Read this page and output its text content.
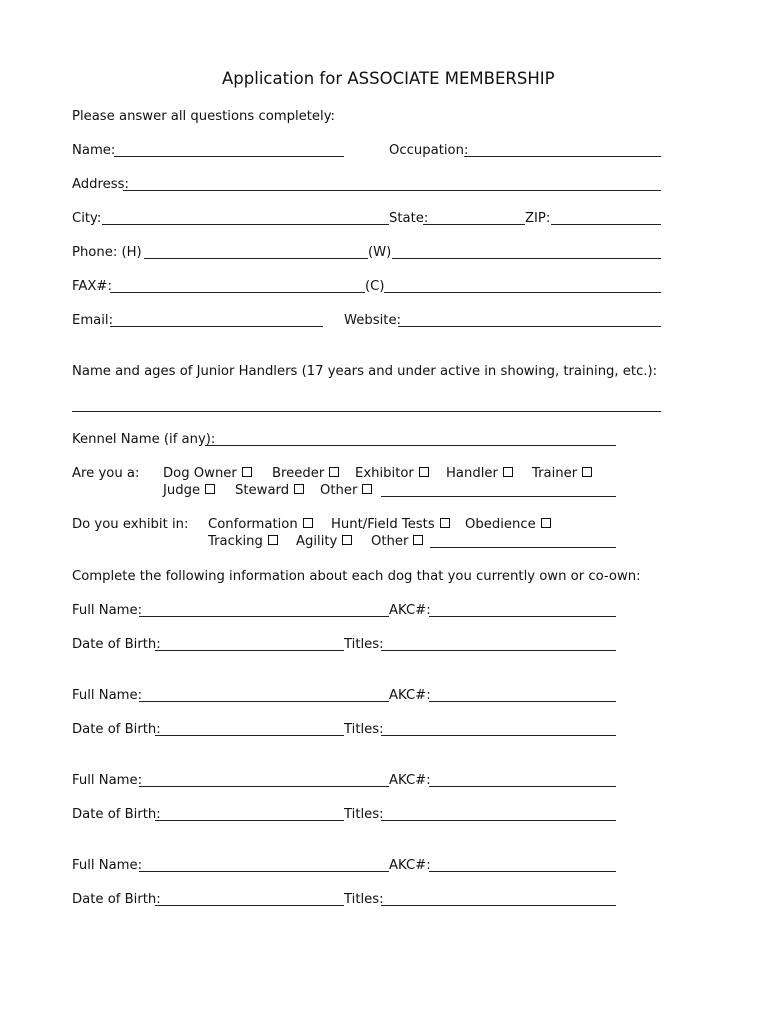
Application for ASSOCIATE MEMBERSHIP
Please answer all questions completely:
Name:	Occupation:
Address:
City:	State:	ZIP:
Phone: (H)	(W)
FAX#:	(C)
Email:	Website:
Name and ages of Junior Handlers (17 years and under active in showing, training, etc.):
Kennel Name (if any):
Are you a: Dog Owner	Breeder	Exhibitor	Handler	Trainer
Judge	Steward	Other
Do you exhibit in: Conformation	Hunt/Field Tests	Obedience
Tracking	Agility	Other
Complete the following information about each dog that you currently own or co-own:
Full Name:	AKC#:
Date of Birth:	Titles:
Full Name:	AKC#:
Date of Birth:	Titles:
Full Name:	AKC#:
Date of Birth:	Titles:
Full Name:	AKC#:
Date of Birth:	Titles:
